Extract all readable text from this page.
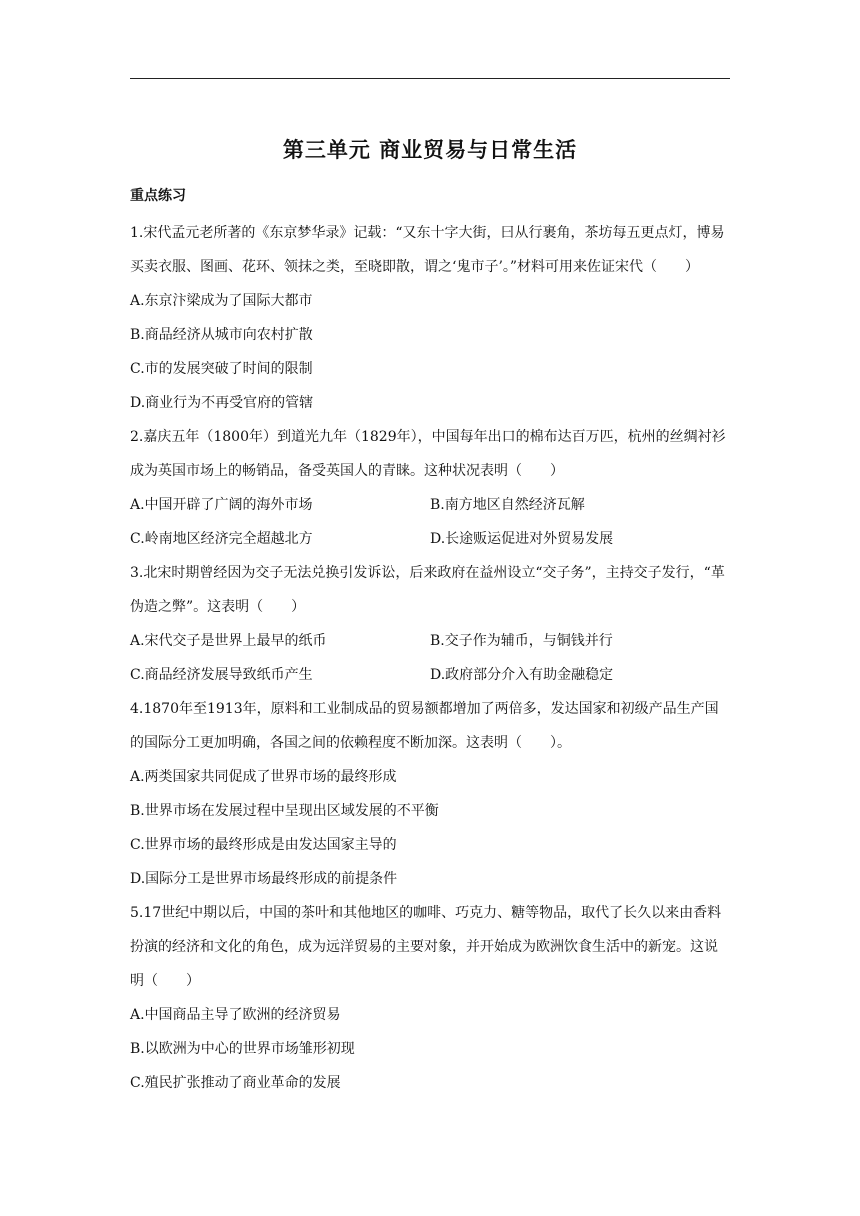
第三单元 商业贸易与日常生活
重点练习

1.宋代孟元老所著的《东京梦华录》记载：“又东十字大街，曰从行裹角，茶坊每五更点灯，博易买卖衣服、图画、花环、领抹之类，至晓即散，谓之‘鬼市子’。”材料可用来佐证宋代（　　）

A.东京汴梁成为了国际大都市

B.商品经济从城市向农村扩散

C.市的发展突破了时间的限制

D.商业行为不再受官府的管辖

2.嘉庆五年（1800年）到道光九年（1829年），中国每年出口的棉布达百万匹，杭州的丝绸衬衫成为英国市场上的畅销品，备受英国人的青睐。这种状况表明（　　）

A.中国开辟了广阔的海外市场	B.南方地区自然经济瓦解

C.岭南地区经济完全超越北方	D.长途贩运促进对外贸易发展

3.北宋时期曾经因为交子无法兑换引发诉讼，后来政府在益州设立“交子务”，主持交子发行，“革伪造之弊”。这表明（　　）

A.宋代交子是世界上最早的纸币	B.交子作为辅币，与铜钱并行

C.商品经济发展导致纸币产生	D.政府部分介入有助金融稳定

4.1870年至1913年，原料和工业制成品的贸易额都增加了两倍多，发达国家和初级产品生产国的国际分工更加明确，各国之间的依赖程度不断加深。这表明（　　）。

A.两类国家共同促成了世界市场的最终形成

B.世界市场在发展过程中呈现出区域发展的不平衡

C.世界市场的最终形成是由发达国家主导的

D.国际分工是世界市场最终形成的前提条件

5.17世纪中期以后，中国的茶叶和其他地区的咖啡、巧克力、糖等物品，取代了长久以来由香料扮演的经济和文化的角色，成为远洋贸易的主要对象，并开始成为欧洲饮食生活中的新宠。这说明（　　）

A.中国商品主导了欧洲的经济贸易

B.以欧洲为中心的世界市场雏形初现

C.殖民扩张推动了商业革命的发展
